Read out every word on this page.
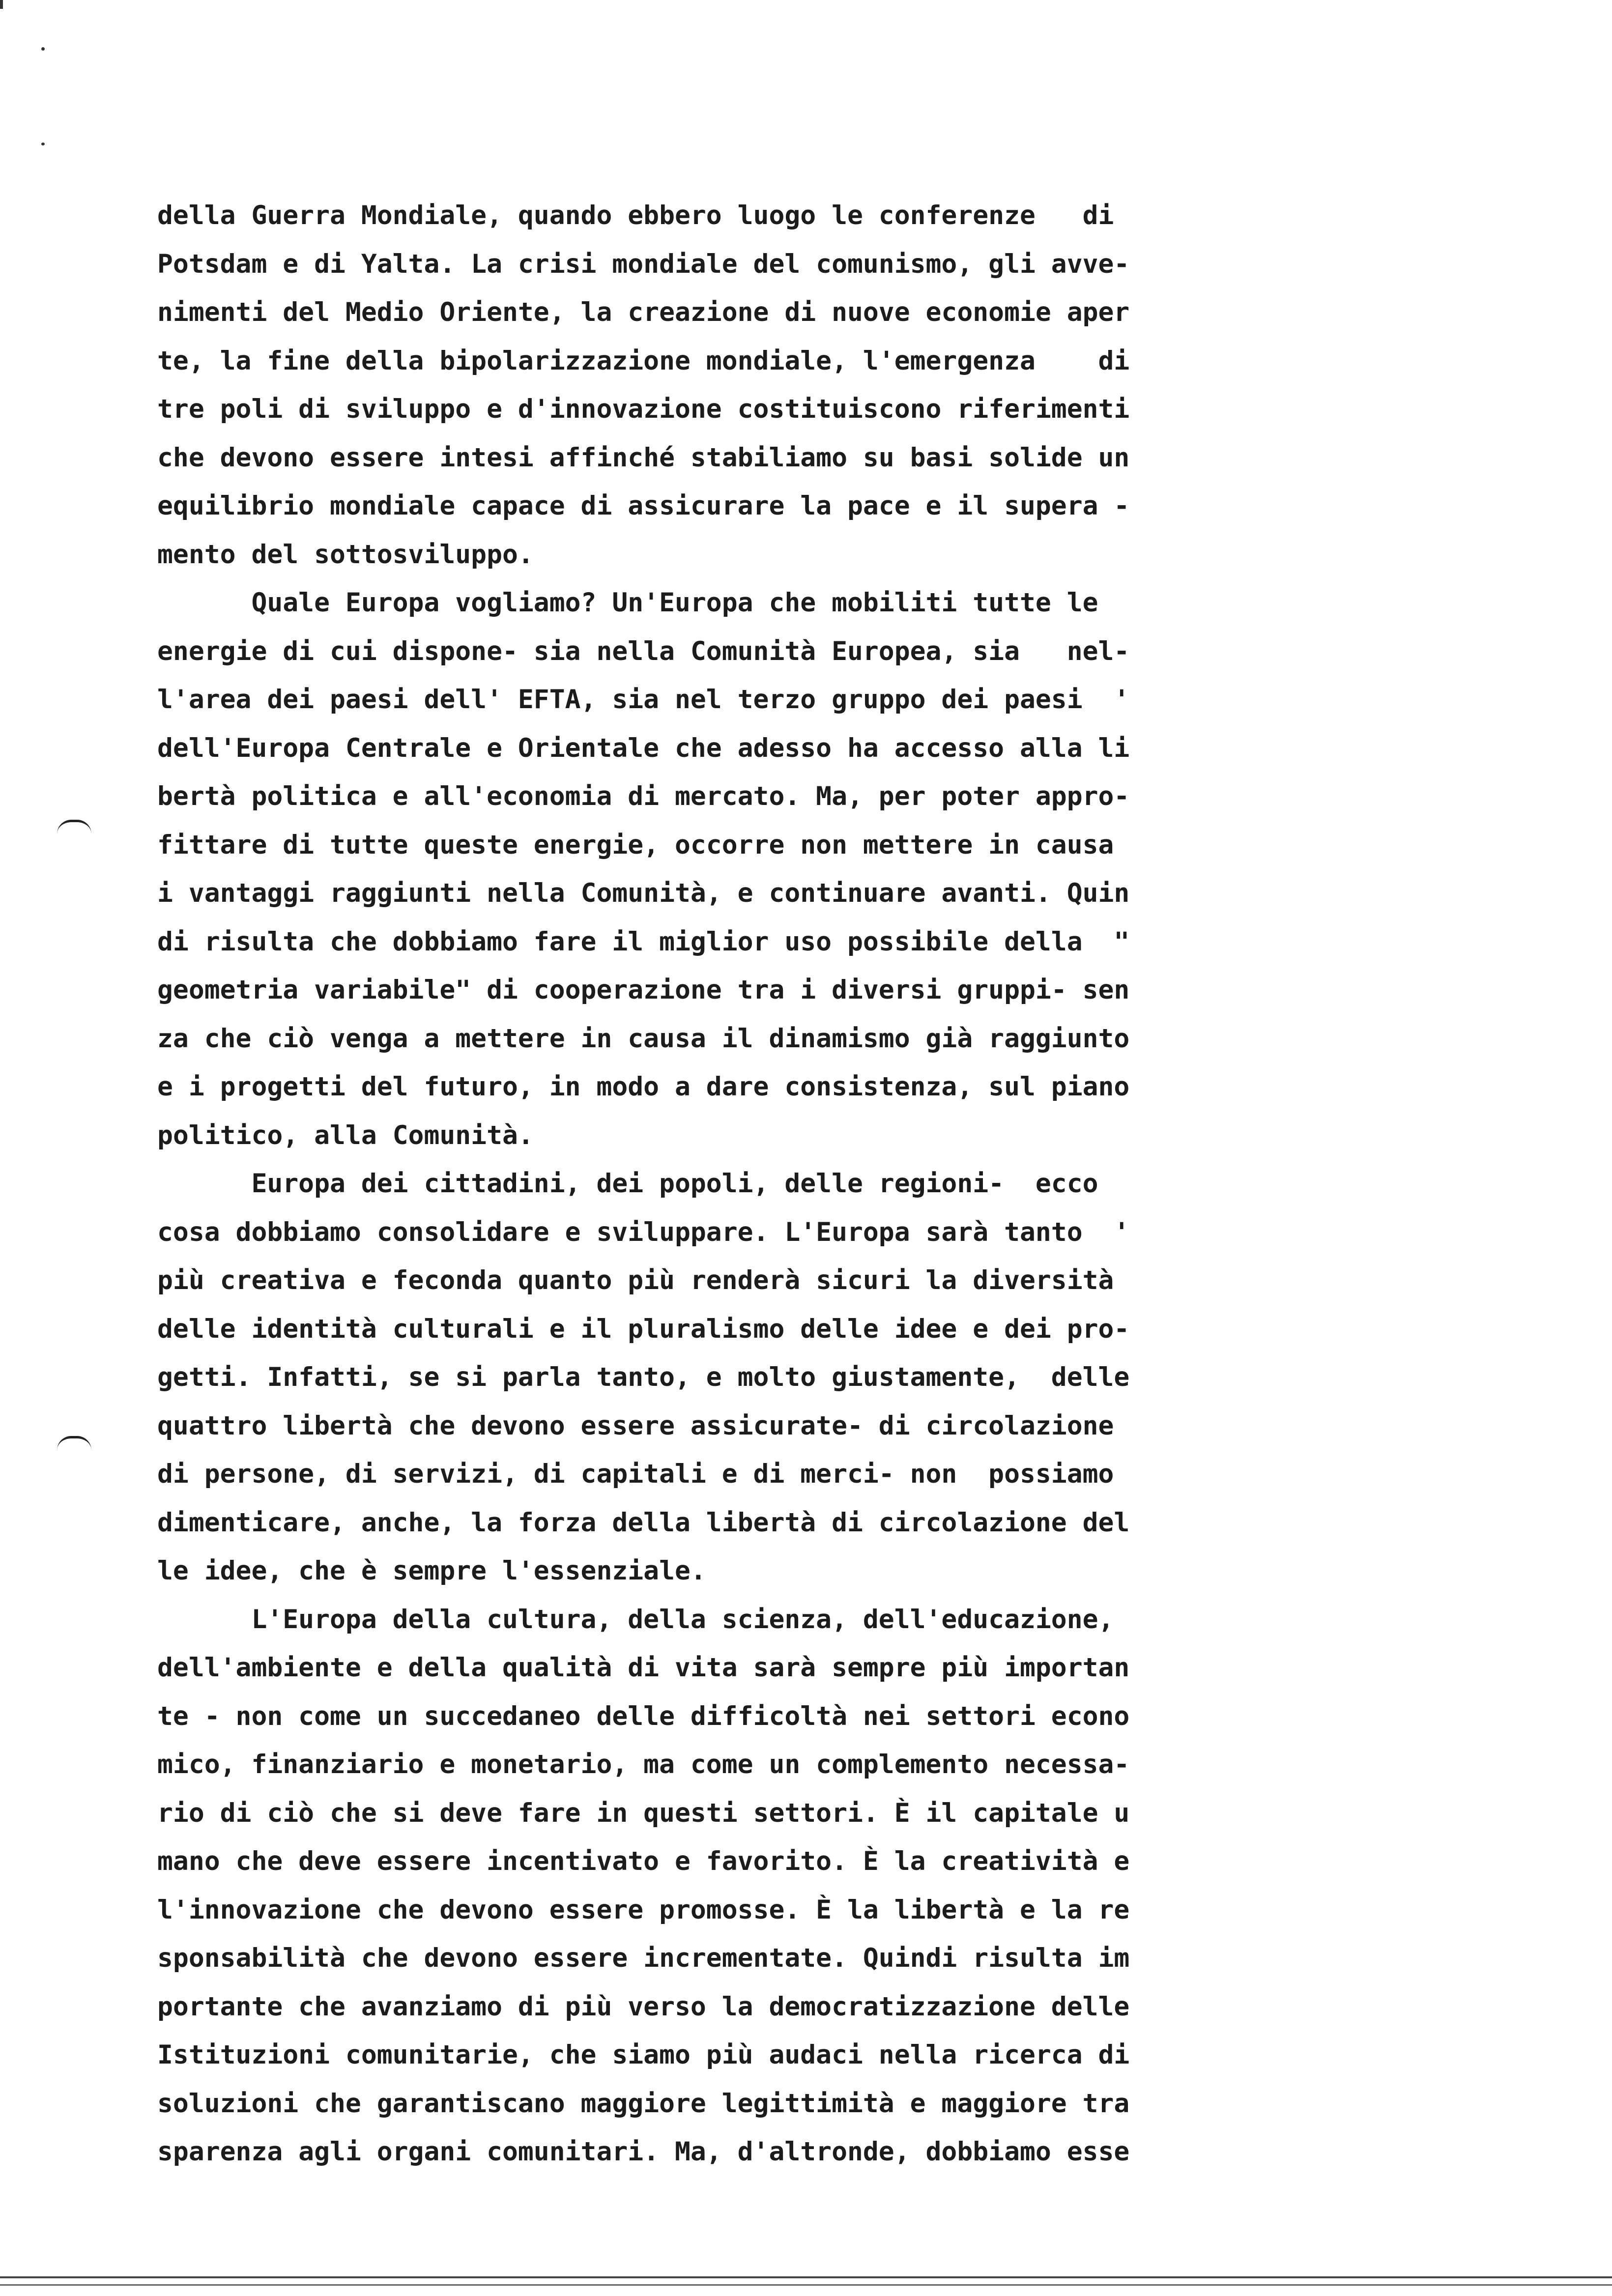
della Guerra Mondiale, quando ebbero luogo le conferenze   di
Potsdam e di Yalta. La crisi mondiale del comunismo, gli avve-
nimenti del Medio Oriente, la creazione di nuove economie aper
te, la fine della bipolarizzazione mondiale, l'emergenza    di
tre poli di sviluppo e d'innovazione costituiscono riferimenti
che devono essere intesi affinché stabiliamo su basi solide un
equilibrio mondiale capace di assicurare la pace e il supera -
mento del sottosviluppo.
Quale Europa vogliamo? Un'Europa che mobiliti tutte le
energie di cui dispone- sia nella Comunità Europea, sia   nel-
l'area dei paesi dell' EFTA, sia nel terzo gruppo dei paesi  '
dell'Europa Centrale e Orientale che adesso ha accesso alla li
bertà politica e all'economia di mercato. Ma, per poter appro-
fittare di tutte queste energie, occorre non mettere in causa
i vantaggi raggiunti nella Comunità, e continuare avanti. Quin
di risulta che dobbiamo fare il miglior uso possibile della  "
geometria variabile" di cooperazione tra i diversi gruppi- sen
za che ciò venga a mettere in causa il dinamismo già raggiunto
e i progetti del futuro, in modo a dare consistenza, sul piano
politico, alla Comunità.
Europa dei cittadini, dei popoli, delle regioni-  ecco
cosa dobbiamo consolidare e sviluppare. L'Europa sarà tanto  '
più creativa e feconda quanto più renderà sicuri la diversità
delle identità culturali e il pluralismo delle idee e dei pro-
getti. Infatti, se si parla tanto, e molto giustamente,  delle
quattro libertà che devono essere assicurate- di circolazione
di persone, di servizi, di capitali e di merci- non  possiamo
dimenticare, anche, la forza della libertà di circolazione del
le idee, che è sempre l'essenziale.
L'Europa della cultura, della scienza, dell'educazione,
dell'ambiente e della qualità di vita sarà sempre più importan
te - non come un succedaneo delle difficoltà nei settori econo
mico, finanziario e monetario, ma come un complemento necessa-
rio di ciò che si deve fare in questi settori. È il capitale u
mano che deve essere incentivato e favorito. È la creatività e
l'innovazione che devono essere promosse. È la libertà e la re
sponsabilità che devono essere incrementate. Quindi risulta im
portante che avanziamo di più verso la democratizzazione delle
Istituzioni comunitarie, che siamo più audaci nella ricerca di
soluzioni che garantiscano maggiore legittimità e maggiore tra
sparenza agli organi comunitari. Ma, d'altronde, dobbiamo esse
